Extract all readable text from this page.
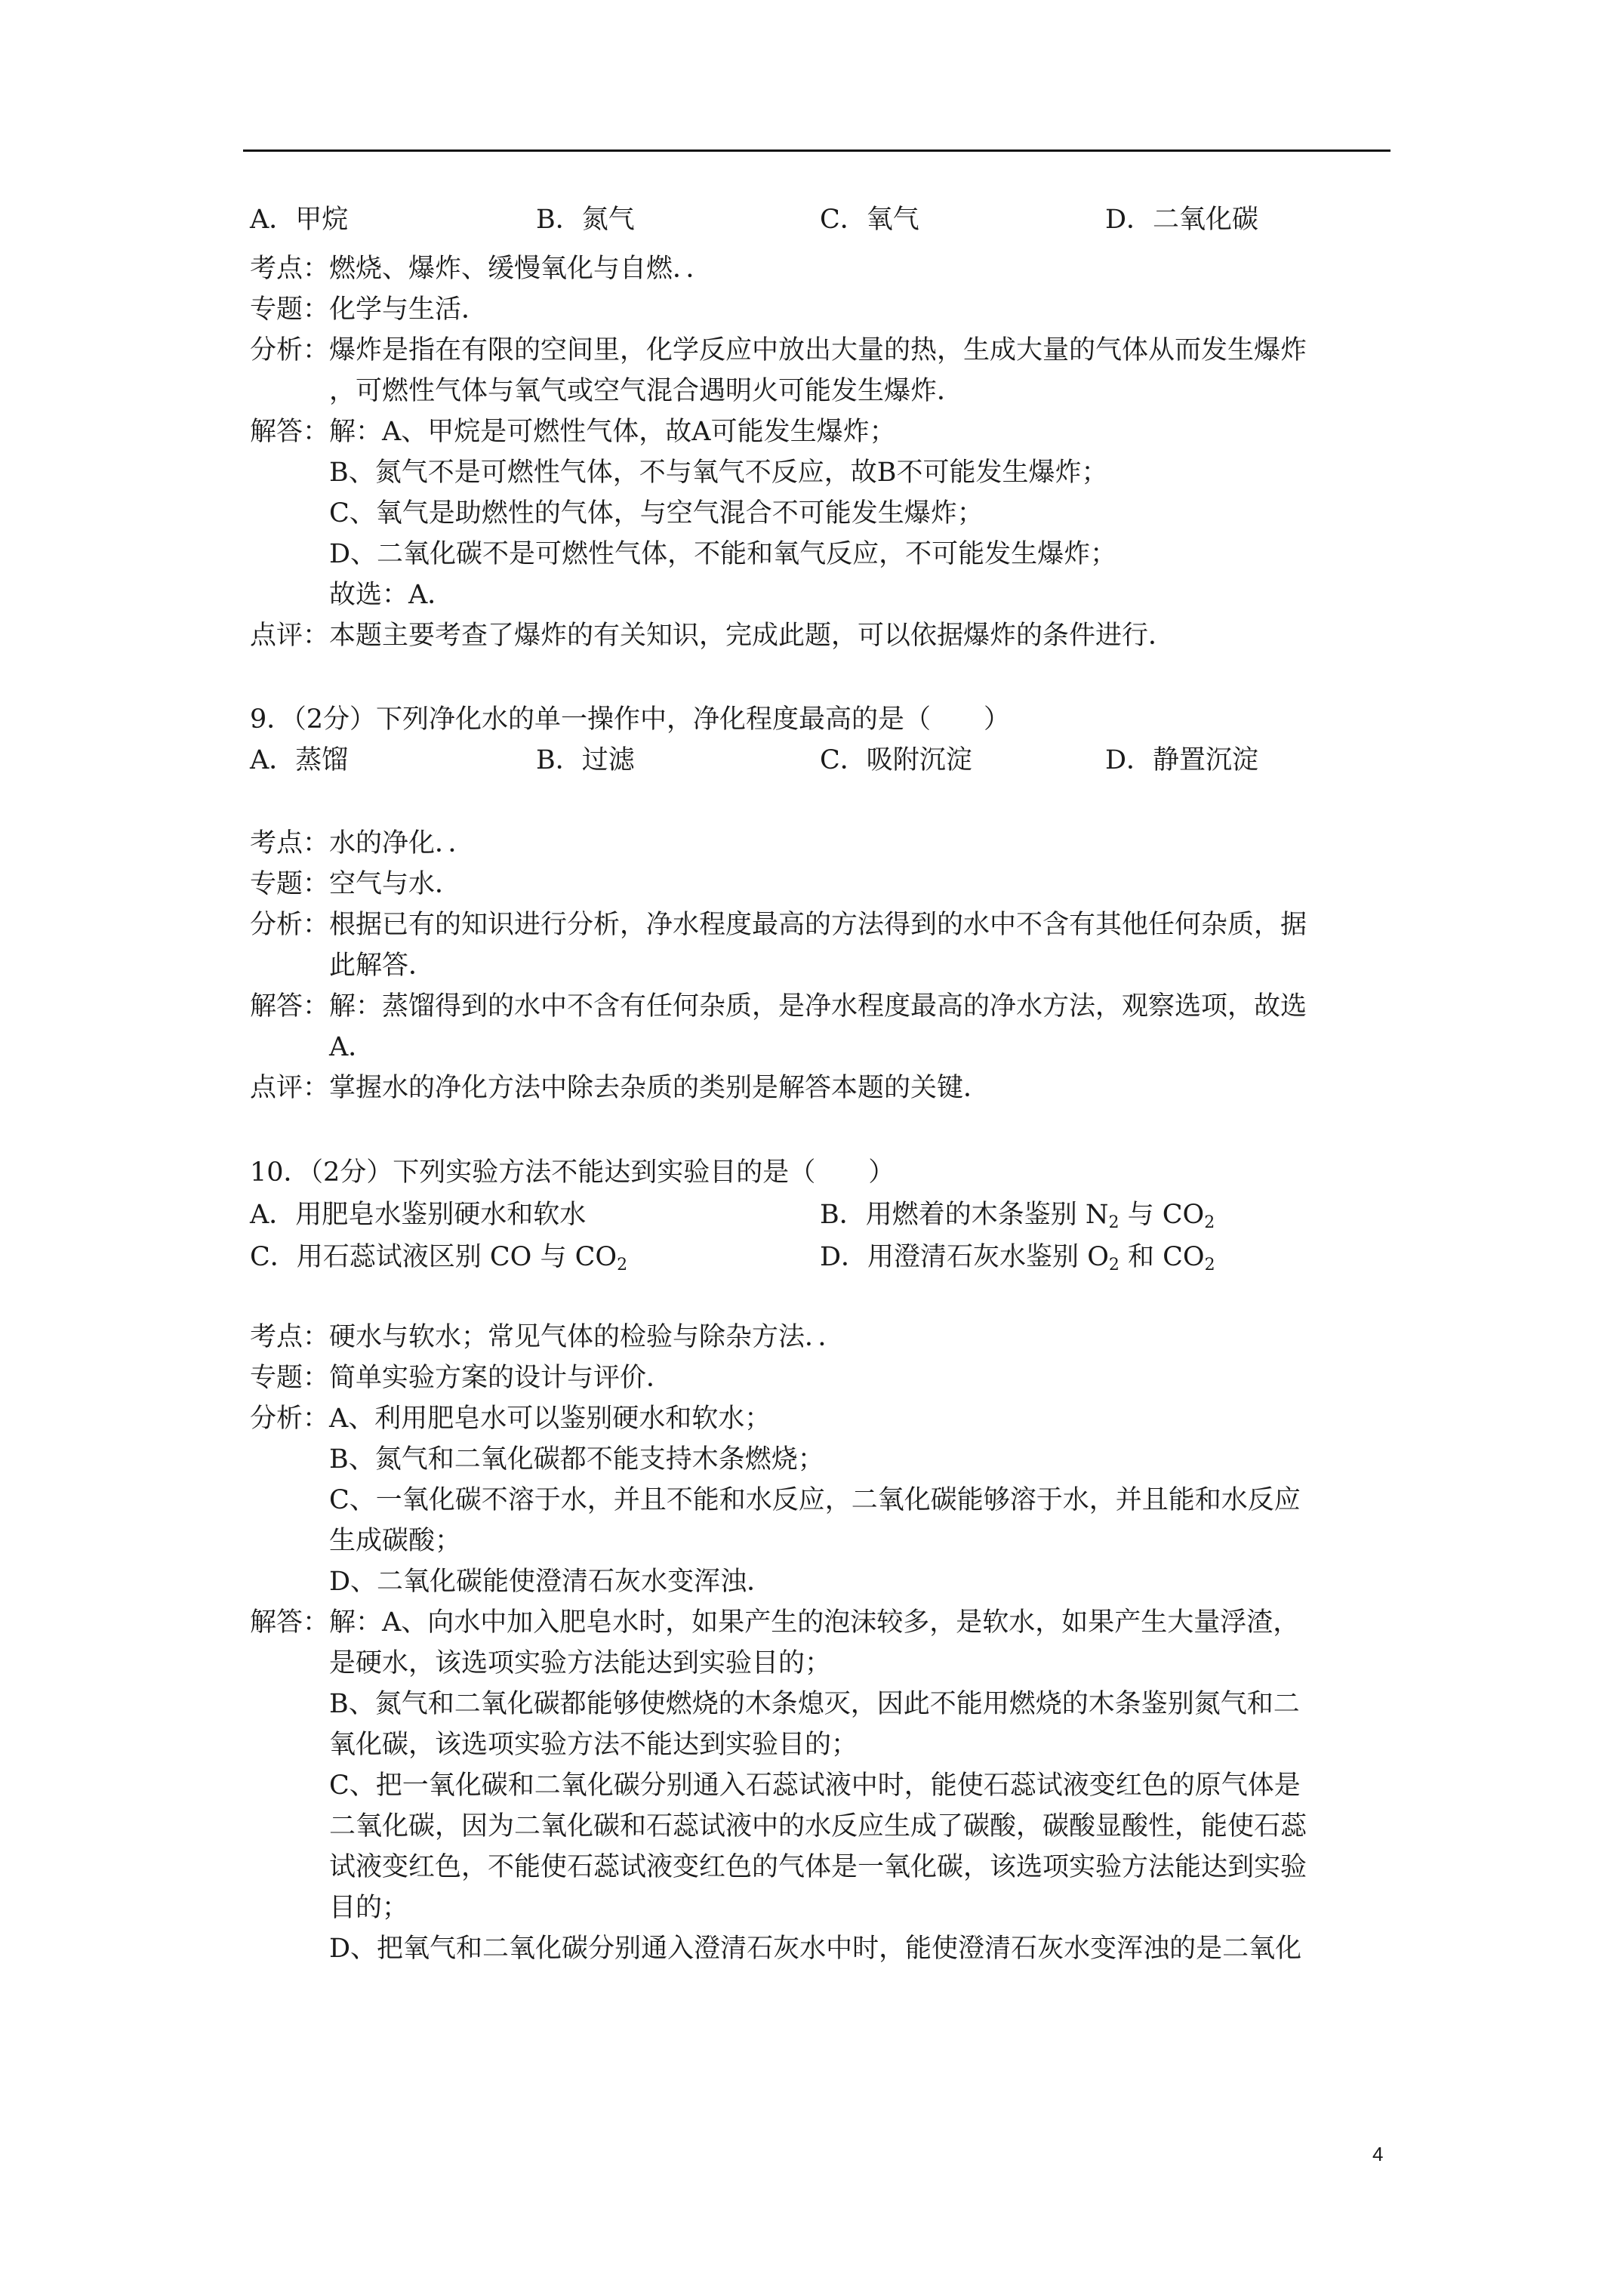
A．甲烷	B．氮气	C．氧气	D．二氧化碳
考点：燃烧、爆炸、缓慢氧化与自燃．．
专题：化学与生活．
分析：爆炸是指在有限的空间里，化学反应中放出大量的热，生成大量的气体从而发生爆炸
，可燃性气体与氧气或空气混合遇明火可能发生爆炸．
解答：解：A、甲烷是可燃性气体，故A可能发生爆炸；
B、氮气不是可燃性气体，不与氧气不反应，故B不可能发生爆炸；
C、氧气是助燃性的气体，与空气混合不可能发生爆炸；
D、二氧化碳不是可燃性气体，不能和氧气反应，不可能发生爆炸；
故选：A．
点评：本题主要考查了爆炸的有关知识，完成此题，可以依据爆炸的条件进行．
9．（2分）下列净化水的单一操作中，净化程度最高的是（　　）
A．蒸馏	B．过滤	C．吸附沉淀	D．静置沉淀
考点：水的净化．．
专题：空气与水．
分析：根据已有的知识进行分析，净水程度最高的方法得到的水中不含有其他任何杂质，据
此解答．
解答：解：蒸馏得到的水中不含有任何杂质，是净水程度最高的净水方法，观察选项，故选
A．
点评：掌握水的净化方法中除去杂质的类别是解答本题的关键．
10．（2分）下列实验方法不能达到实验目的是（　　）
A．用肥皂水鉴别硬水和软水	B．用燃着的木条鉴别 $N_2$ 与 $CO_2$
C．用石蕊试液区别 CO 与 $CO_2$	D．用澄清石灰水鉴别 $O_2$ 和 $CO_2$
考点：硬水与软水；常见气体的检验与除杂方法．．
专题：简单实验方案的设计与评价．
分析：A、利用肥皂水可以鉴别硬水和软水；
B、氮气和二氧化碳都不能支持木条燃烧；
C、一氧化碳不溶于水，并且不能和水反应，二氧化碳能够溶于水，并且能和水反应
生成碳酸；
D、二氧化碳能使澄清石灰水变浑浊．
解答：解：A、向水中加入肥皂水时，如果产生的泡沫较多，是软水，如果产生大量浮渣，
是硬水，该选项实验方法能达到实验目的；
B、氮气和二氧化碳都能够使燃烧的木条熄灭，因此不能用燃烧的木条鉴别氮气和二
氧化碳，该选项实验方法不能达到实验目的；
C、把一氧化碳和二氧化碳分别通入石蕊试液中时，能使石蕊试液变红色的原气体是
二氧化碳，因为二氧化碳和石蕊试液中的水反应生成了碳酸，碳酸显酸性，能使石蕊
试液变红色，不能使石蕊试液变红色的气体是一氧化碳，该选项实验方法能达到实验
目的；
D、把氧气和二氧化碳分别通入澄清石灰水中时，能使澄清石灰水变浑浊的是二氧化
4
